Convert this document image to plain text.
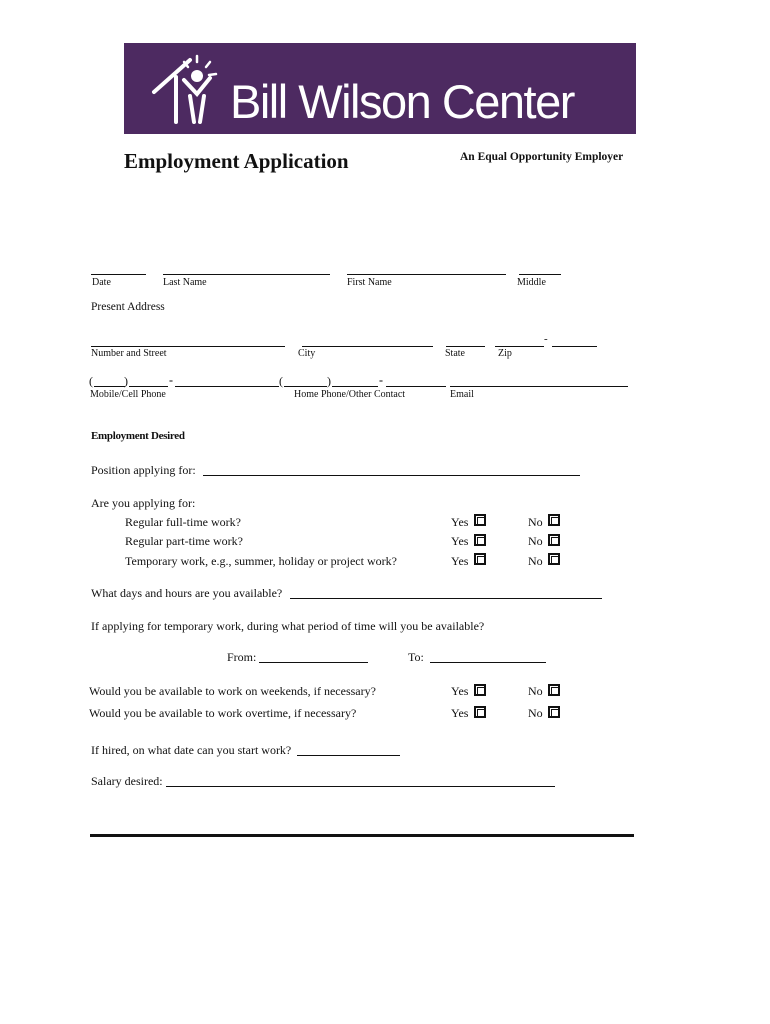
Bill Wilson Center
Employment Application	An Equal Opportunity Employer
Date	Last Name	First Name	Middle
Present Address
-
Number and Street	City	State	Zip
(	)	-	(	)	-
Mobile/Cell Phone	Home Phone/Other Contact	Email
Employment Desired
Position applying for:
Are you applying for:
Regular full-time work?	Yes	No
Regular part-time work?	Yes	No
Temporary work, e.g., summer, holiday or project work?	Yes	No
What days and hours are you available?
If applying for temporary work, during what period of time will you be available?
From:	To:
Would you be available to work on weekends, if necessary?	Yes	No
Would you be available to work overtime, if necessary?	Yes	No
If hired, on what date can you start work?
Salary desired:
